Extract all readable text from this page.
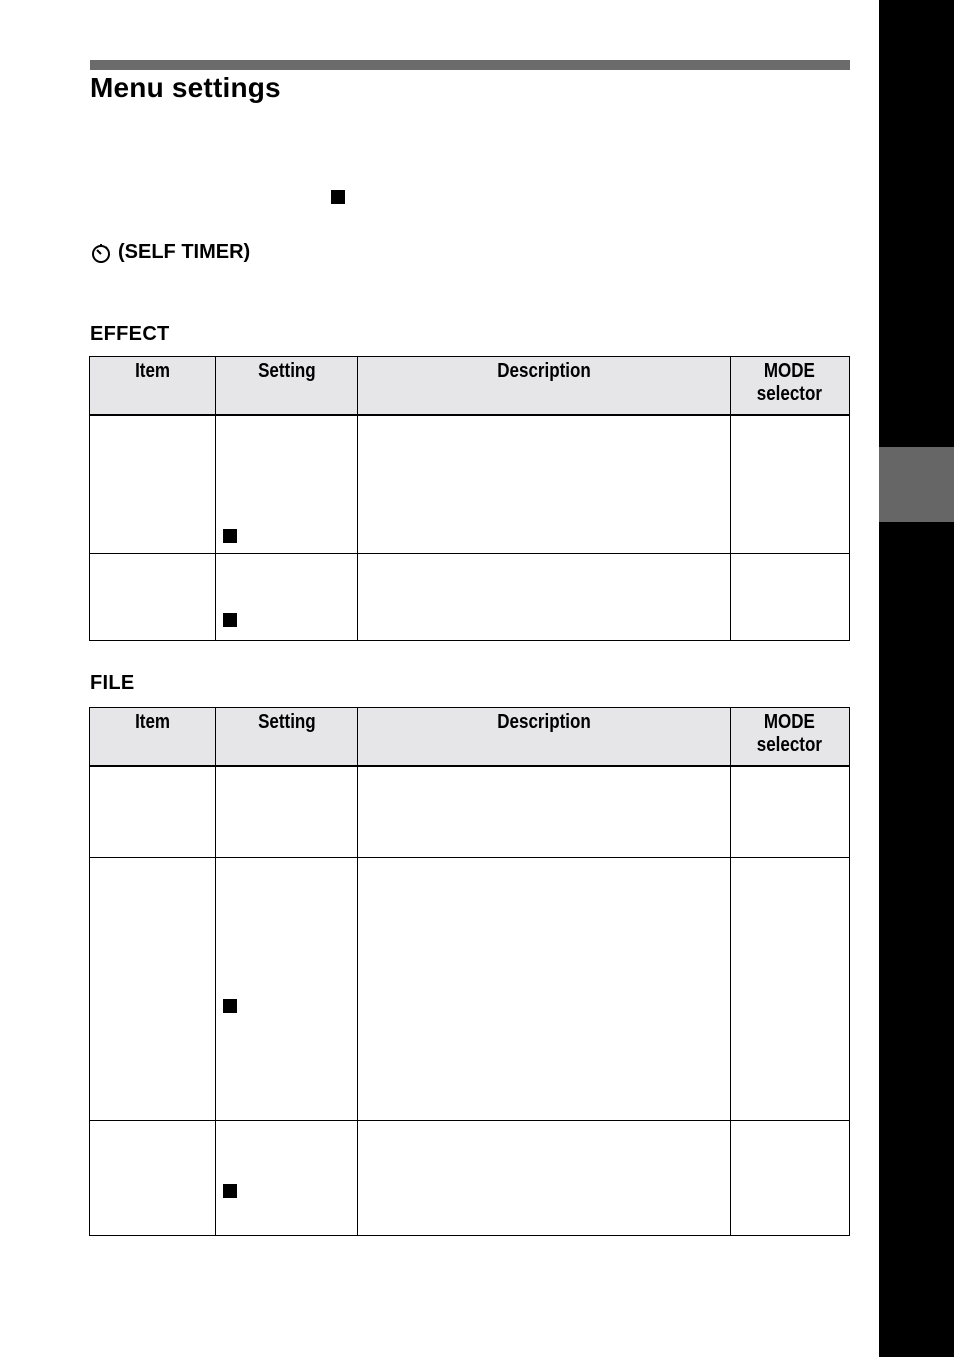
Menu settings
(SELF TIMER)
EFFECT
Item	Setting	Description	MODE
selector

FILE
Item	Setting	Description	MODE
selector
